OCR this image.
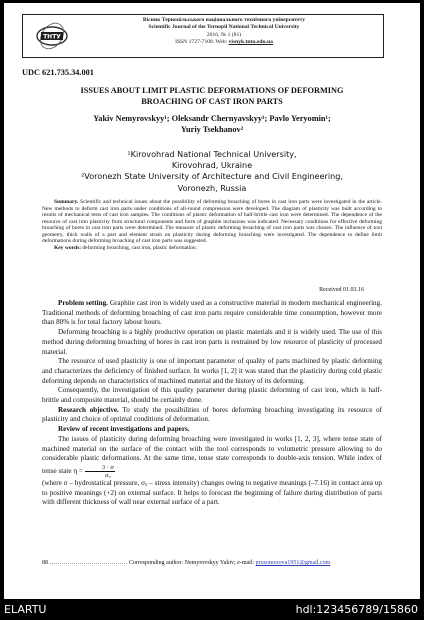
ТНТУ
Вісник Тернопільського національного технічного університету
Scientific Journal of the Ternopil National Technical University
2016, № 1 (81)
ISSN 1727-7108. Web: visnyk.tntu.edu.ua
UDC 621.735.34.001
ISSUES ABOUT LIMIT PLASTIC DEFORMATIONS OF DEFORMING
BROACHING OF CAST IRON PARTS
Yakiv Nemyrovskyy¹; Oleksandr Chernyavskyy¹; Pavlo Yeryomin¹;
Yuriy Tsekhanov²
¹Kirovohrad National Technical University,
Kirovohrad, Ukraine
²Voronezh State University of Architecture and Civil Engineering,
Voronezh, Russia

Summary. Scientific and technical issues about the possibility of deforming broaching of bores in cast iron parts were investigated in the article. New methods to deform cast iron parts under conditions of all-round compression were developed. The diagram of plasticity was built according to results of mechanical tests of cast iron samples. The conditions of plastic deformation of half-brittle cast iron were determined. The dependence of the resource of cast iron plasticity from structural components and form of graphite inclusions was indicated. Necessary conditions for effective deforming broaching of bores in cast iron parts were determined. The measure of plastic deforming broaching of cast iron parts was chosen. The influence of tool geometry, thick walls of a part and element strain on plasticity during deforming broaching were investigated. The dependence to define limit deformations during deforming broaching of cast iron parts was suggested.

Key words: deforming broaching, cast iron, plastic deformation.

Received 01.03.16

Problem setting. Graphite cast iron is widely used as a constructive material in modern mechanical engineering. Traditional methods of deforming broaching of cast iron parts require considerable time consumption, however more than 80% is for total factory labour hours.

Deforming broaching is a highly productive operation on plastic materials and it is widely used. The use of this method during deforming broaching of bores in cast iron parts is restrained by low resource of plasticity of processed material.

The resource of used plasticity is one of important parameter of quality of parts machined by plastic deforming and characterizes the deficiency of finished surface. In works [1, 2] it was stated that the plasticity during cold plastic deforming depends on characteristics of machined material and the history of its deforming.

Consequently, the investigation of this quality parameter during plastic deforming of cast iron, which is half-brittle and composite material, should be certainly done.

Research objective. To study the possibilities of bores deforming broaching investigating its resource of plasticity and choice of optimal conditions of deformation.

Review of recent investigations and papers.

The issues of plasticity during deforming broaching were investigated in works [1, 2, 3], where tense state of machined material on the surface of the contact with the tool corresponds to volumetric pressure allowing to do considerable plastic deformations. At the same time, tense state corresponds to double-axis tension. While index of tense state $\eta = \frac{3 \cdot \sigma}{\text{σᵤ}}$

(where σ – hydrostatical pressure, σᵤ – stress intensity) changes owing to negative meanings (–7.16) in contact area up to positive meanings (+2) on external surface. It helps to forecast the beginning of failure during distribution of parts with different thickness of wall near external surface of a part.

88 ………………………………… Corresponding author: Nemyrovskyy Yakiv; e-mail: prosomorova1951@gmail.com
ELARTU	hdl:123456789/15860
